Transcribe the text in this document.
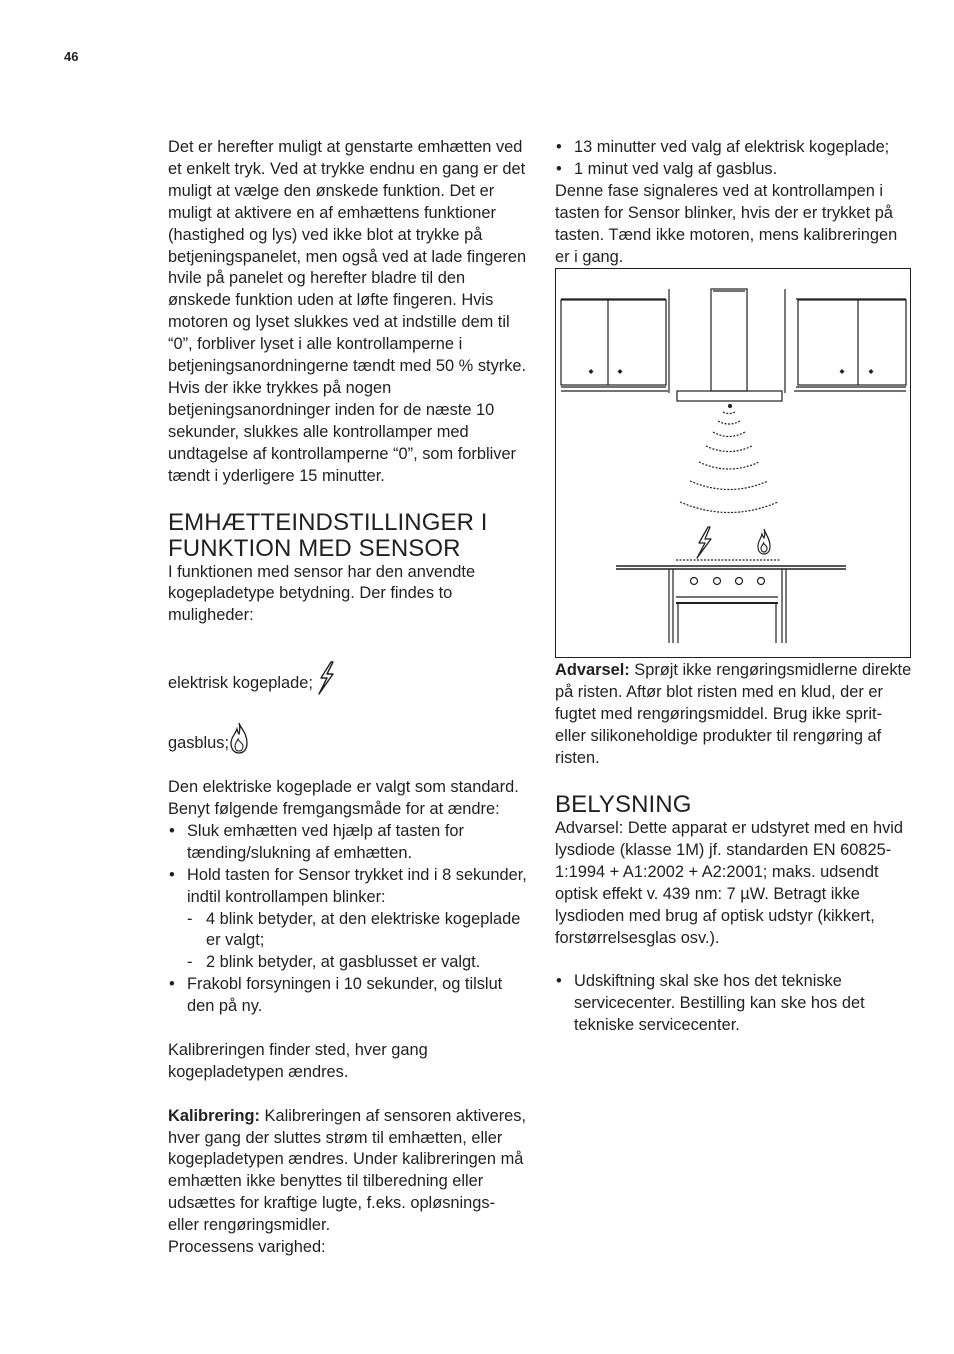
46

Det er herefter muligt at genstarte emhætten ved et enkelt tryk. Ved at trykke endnu en gang er det muligt at vælge den ønskede funktion. Det er muligt at aktivere en af emhættens funktioner (hastighed og lys) ved ikke blot at trykke på betjeningspanelet, men også ved at lade fingeren hvile på panelet og herefter bladre til den ønskede funktion uden at løfte fingeren. Hvis motoren og lyset slukkes ved at indstille dem til “0”, forbliver lyset i alle kontrollamperne i betjeningsanordningerne tændt med 50 % styrke. Hvis der ikke trykkes på nogen betjeningsanordninger inden for de næste 10 sekunder, slukkes alle kontrollamper med undtagelse af kontrollamperne “0”, som forbliver tændt i yderligere 15 minutter.

EMHÆTTEINDSTILLINGER I FUNKTION MED SENSOR

I funktionen med sensor har den anvendte kogepladetype betydning. Der findes to muligheder:

elektrisk kogeplade;
gasblus;

Den elektriske kogeplade er valgt som standard. Benyt følgende fremgangsmåde for at ændre:

• Sluk emhætten ved hjælp af tasten for tænding/slukning af emhætten.
• Hold tasten for Sensor trykket ind i 8 sekunder, indtil kontrollampen blinker:
- 4 blink betyder, at den elektriske kogeplade er valgt;
- 2 blink betyder, at gasblusset er valgt.
• Frakobl forsyningen i 10 sekunder, og tilslut den på ny.

Kalibreringen finder sted, hver gang kogepladetypen ændres.

Kalibrering: Kalibreringen af sensoren aktiveres, hver gang der sluttes strøm til emhætten, eller kogepladetypen ændres. Under kalibreringen må emhætten ikke benyttes til tilberedning eller udsættes for kraftige lugte, f.eks. opløsnings- eller rengøringsmidler.

Processens varighed:

• 13 minutter ved valg af elektrisk kogeplade;
• 1 minut ved valg af gasblus.

Denne fase signaleres ved at kontrollampen i tasten for Sensor blinker, hvis der er trykket på tasten. Tænd ikke motoren, mens kalibreringen er i gang.

Advarsel: Sprøjt ikke rengøringsmidlerne direkte på risten. Aftør blot risten med en klud, der er fugtet med rengøringsmiddel. Brug ikke sprit- eller silikoneholdige produkter til rengøring af risten.

BELYSNING

Advarsel: Dette apparat er udstyret med en hvid lysdiode (klasse 1M) jf. standarden EN 60825-1:1994 + A1:2002 + A2:2001; maks. udsendt optisk effekt v. 439 nm: 7 µW. Betragt ikke lysdioden med brug af optisk udstyr (kikkert, forstørrelsesglas osv.).

• Udskiftning skal ske hos det tekniske servicecenter. Bestilling kan ske hos det tekniske servicecenter.
